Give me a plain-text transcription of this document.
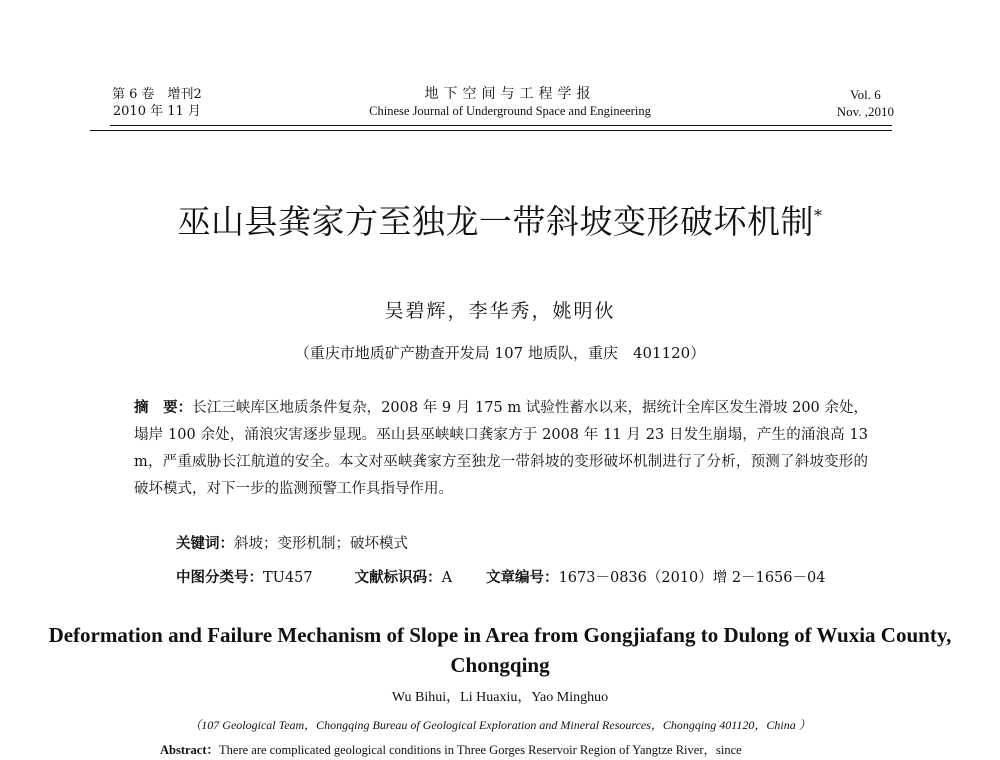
第 6 卷　增刊2
2010 年 11 月
地下空间与工程学报
Chinese Journal of Underground Space and Engineering
Vol. 6
Nov. ,2010
巫山县龚家方至独龙一带斜坡变形破坏机制*
吴碧辉，李华秀，姚明伙
（重庆市地质矿产勘查开发局 107 地质队，重庆　401120）
摘　要：长江三峡库区地质条件复杂，2008 年 9 月 175 m 试验性蓄水以来，据统计全库区发生滑坡 200 余处，塌岸 100 余处，涌浪灾害逐步显现。巫山县巫峡峡口龚家方于 2008 年 11 月 23 日发生崩塌，产生的涌浪高 13 m，严重威胁长江航道的安全。本文对巫峡龚家方至独龙一带斜坡的变形破坏机制进行了分析，预测了斜坡变形的破坏模式，对下一步的监测预警工作具指导作用。
关键词：斜坡；变形机制；破坏模式
中图分类号：TU457	文献标识码：A 文章编号：1673－0836（2010）增 2－1656－04
Deformation and Failure Mechanism of Slope in Area from Gongjiafang to Dulong of Wuxia County, Chongqing
Wu Bihui，Li Huaxiu，Yao Minghuo
（107 Geological Team，Chongqing Bureau of Geological Exploration and Mineral Resources，Chongqing 401120，China ）
Abstract：There are complicated geological conditions in Three Gorges Reservoir Region of Yangtze River，since
